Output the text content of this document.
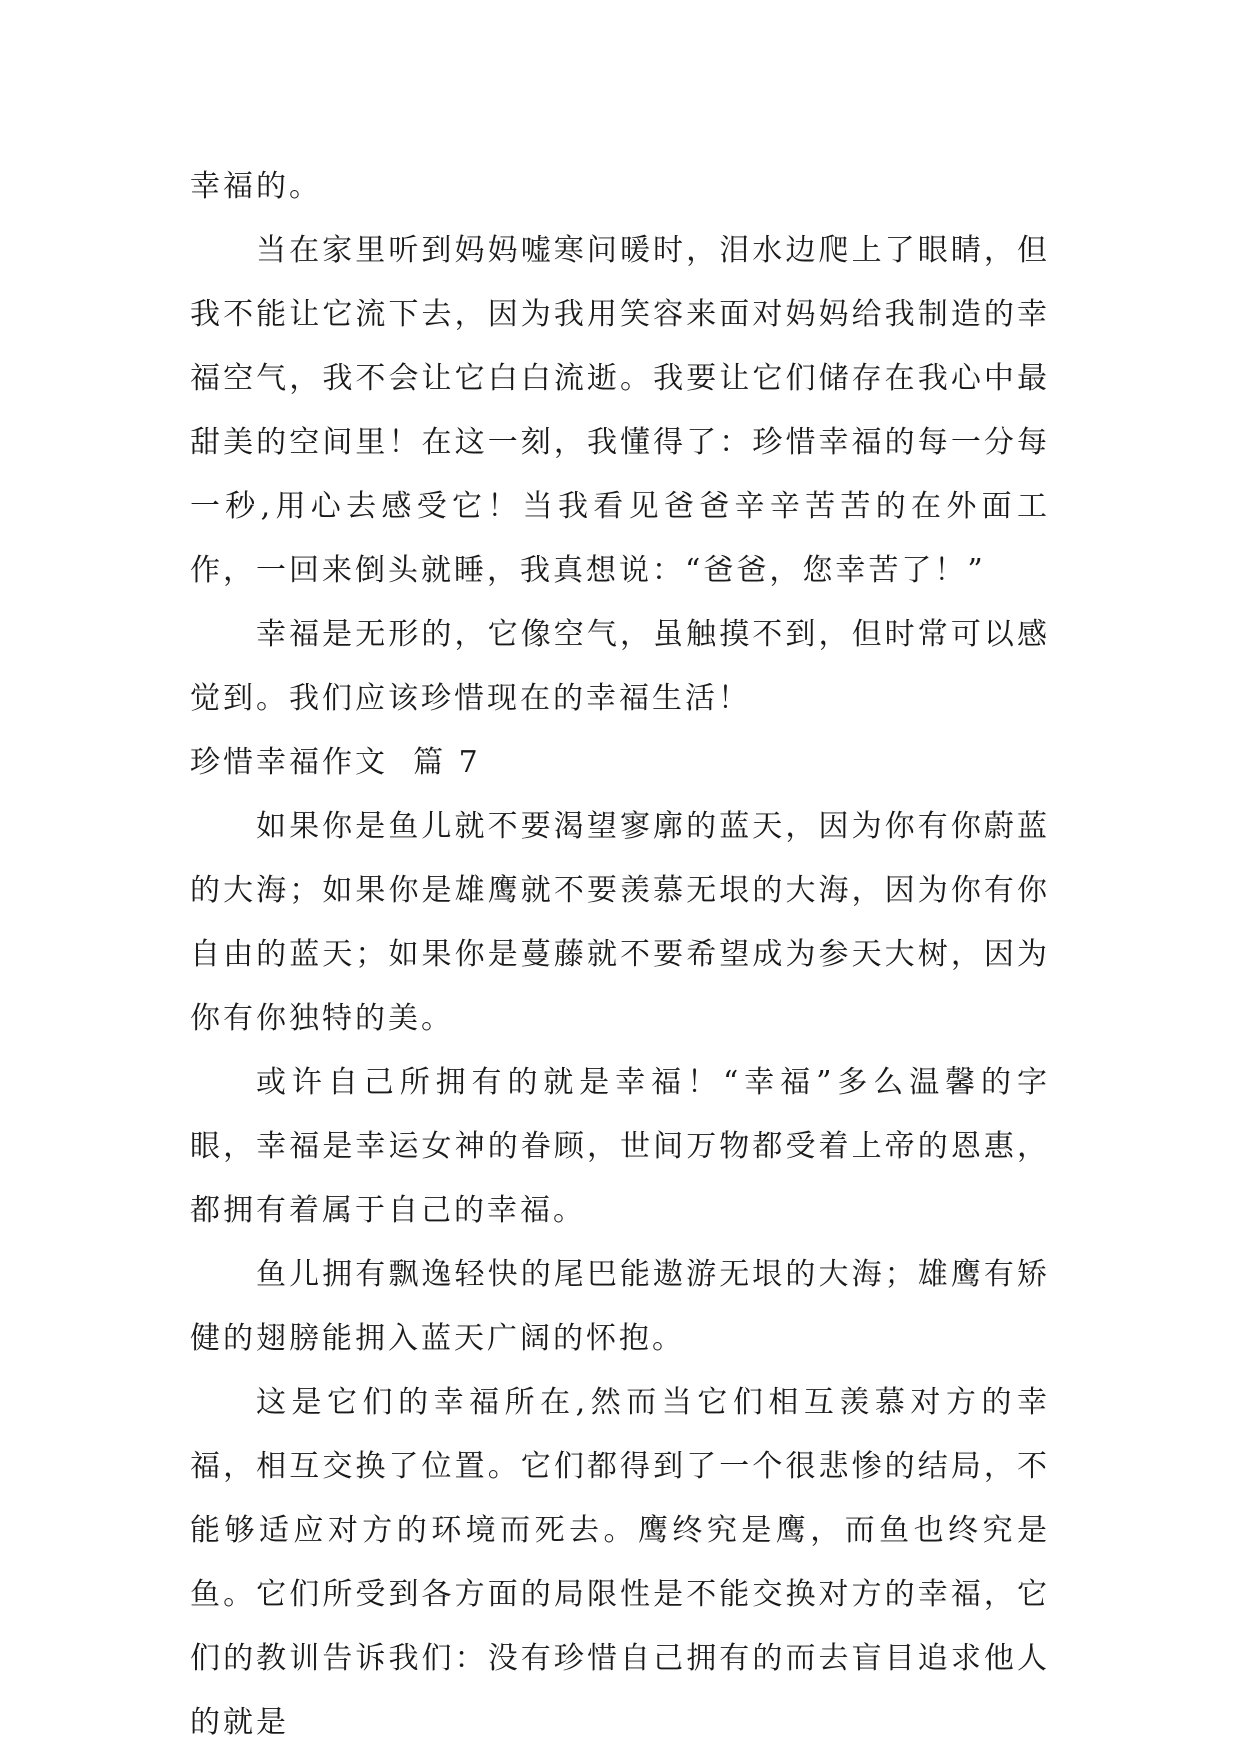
幸福的。

当在家里听到妈妈嘘寒问暖时，泪水边爬上了眼睛，但我不能让它流下去，因为我用笑容来面对妈妈给我制造的幸福空气，我不会让它白白流逝。我要让它们储存在我心中最甜美的空间里！在这一刻，我懂得了：珍惜幸福的每一分每一秒,用心去感受它！当我看见爸爸辛辛苦苦的在外面工作，一回来倒头就睡，我真想说：“爸爸，您幸苦了！”

幸福是无形的，它像空气，虽触摸不到，但时常可以感觉到。我们应该珍惜现在的幸福生活！

珍惜幸福作文  篇 7

如果你是鱼儿就不要渴望寥廓的蓝天，因为你有你蔚蓝的大海；如果你是雄鹰就不要羡慕无垠的大海，因为你有你自由的蓝天；如果你是蔓藤就不要希望成为参天大树，因为你有你独特的美。

或许自己所拥有的就是幸福！“幸福”多么温馨的字眼，幸福是幸运女神的眷顾，世间万物都受着上帝的恩惠，都拥有着属于自己的幸福。

鱼儿拥有飘逸轻快的尾巴能遨游无垠的大海；雄鹰有矫健的翅膀能拥入蓝天广阔的怀抱。

这是它们的幸福所在,然而当它们相互羡慕对方的幸福，相互交换了位置。它们都得到了一个很悲惨的结局，不能够适应对方的环境而死去。鹰终究是鹰，而鱼也终究是鱼。它们所受到各方面的局限性是不能交换对方的幸福，它们的教训告诉我们：没有珍惜自己拥有的而去盲目追求他人的就是
